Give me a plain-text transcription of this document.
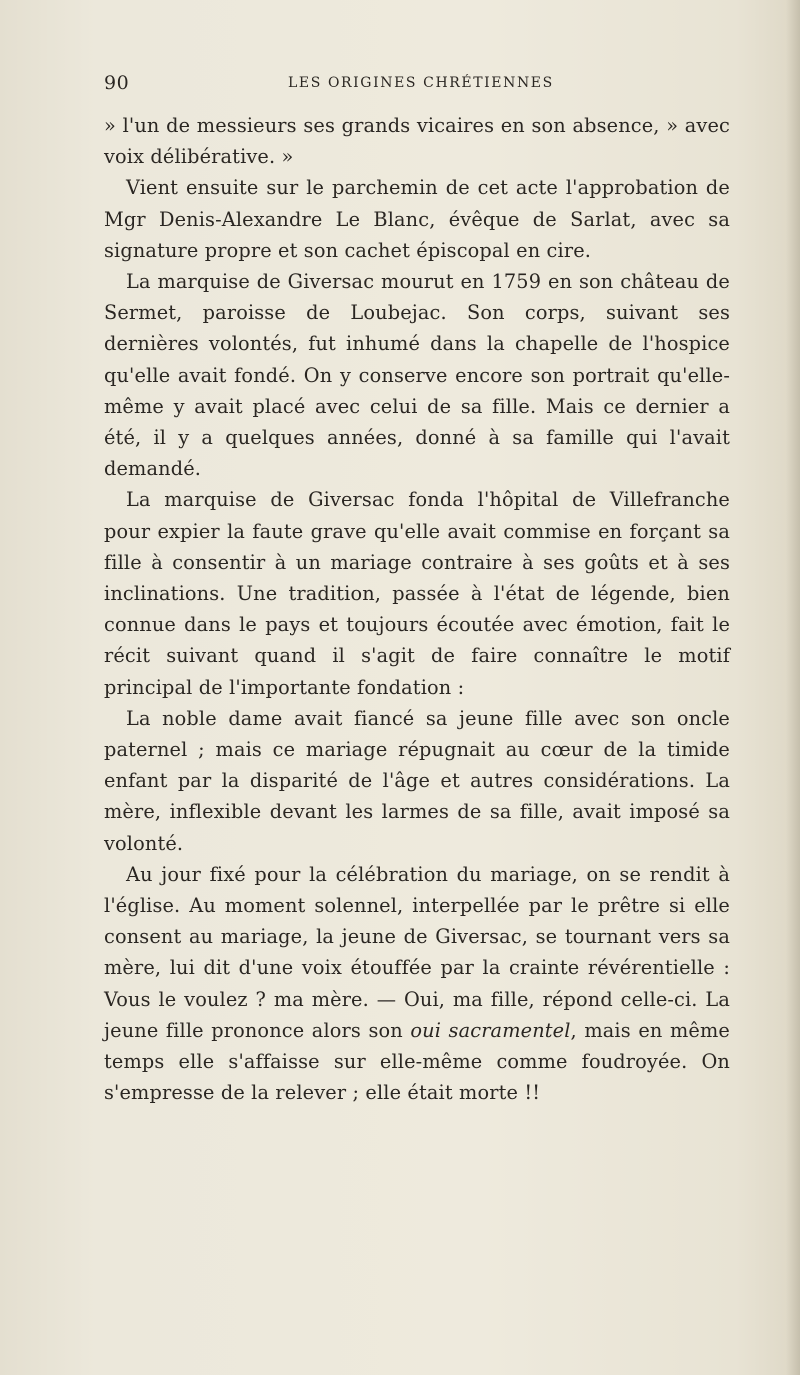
90	LES ORIGINES CHRÉTIENNES

» l'un de messieurs ses grands vicaires en son absence, » avec voix délibérative. »

Vient ensuite sur le parchemin de cet acte l'approbation de Mgr Denis-Alexandre Le Blanc, évêque de Sarlat, avec sa signature propre et son cachet épiscopal en cire.

La marquise de Giversac mourut en 1759 en son château de Sermet, paroisse de Loubejac. Son corps, suivant ses dernières volontés, fut inhumé dans la chapelle de l'hospice qu'elle avait fondé. On y conserve encore son portrait qu'elle-même y avait placé avec celui de sa fille. Mais ce dernier a été, il y a quelques années, donné à sa famille qui l'avait demandé.

La marquise de Giversac fonda l'hôpital de Villefranche pour expier la faute grave qu'elle avait commise en forçant sa fille à consentir à un mariage contraire à ses goûts et à ses inclinations. Une tradition, passée à l'état de légende, bien connue dans le pays et toujours écoutée avec émotion, fait le récit suivant quand il s'agit de faire connaître le motif principal de l'importante fondation :

La noble dame avait fiancé sa jeune fille avec son oncle paternel ; mais ce mariage répugnait au cœur de la timide enfant par la disparité de l'âge et autres considérations. La mère, inflexible devant les larmes de sa fille, avait imposé sa volonté.

Au jour fixé pour la célébration du mariage, on se rendit à l'église. Au moment solennel, interpellée par le prêtre si elle consent au mariage, la jeune de Giversac, se tournant vers sa mère, lui dit d'une voix étouffée par la crainte révérentielle : Vous le voulez ? ma mère. — Oui, ma fille, répond celle-ci. La jeune fille prononce alors son oui sacramentel, mais en même temps elle s'affaisse sur elle-même comme foudroyée. On s'empresse de la relever ; elle était morte !!
